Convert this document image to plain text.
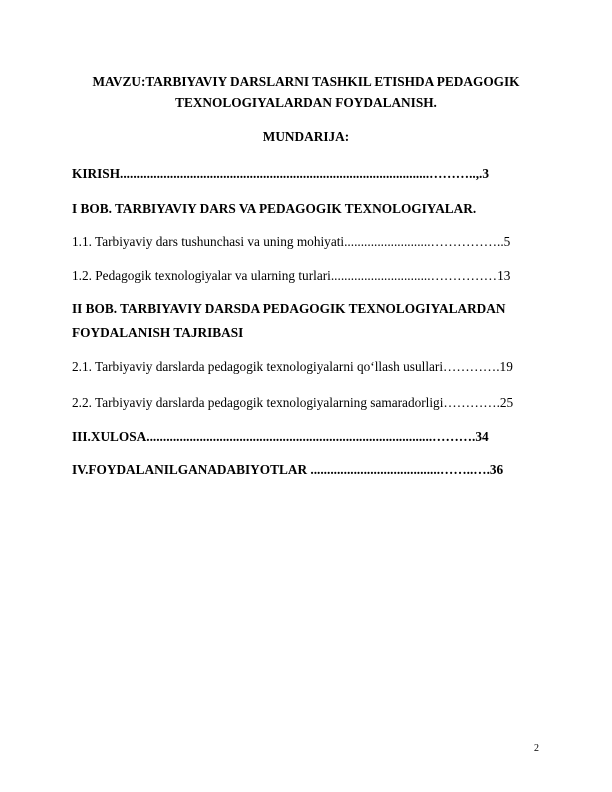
MAVZU:TARBIYAVIY DARSLARNI TASHKIL ETISHDA PEDAGOGIK
TEXNOLOGIYALARDAN FOYDALANISH.
MUNDARIJA:
KIRISH.............................................................................................………..,.3
I BOB. TARBIYAVIY DARS VA PEDAGOGIK TEXNOLOGIYALAR.
1.1. Tarbiyaviy dars tushunchasi va uning mohiyati..........................……………..5
1.2. Pedagogik texnologiyalar va ularning turlari..............................……………13
II BOB. TARBIYAVIY DARSDA PEDAGOGIK TEXNOLOGIYALARDAN
FOYDALANISH TAJRIBASI
2.1. Tarbiyaviy darslarda pedagogik texnologiyalarni qo‘llash usullari………….19
2.2. Tarbiyaviy darslarda pedagogik texnologiyalarning samaradorligi………….25
III.XULOSA......................................................................................……….34
IV.FOYDALANILGANADABIYOTLAR .......................................……..….36
2
